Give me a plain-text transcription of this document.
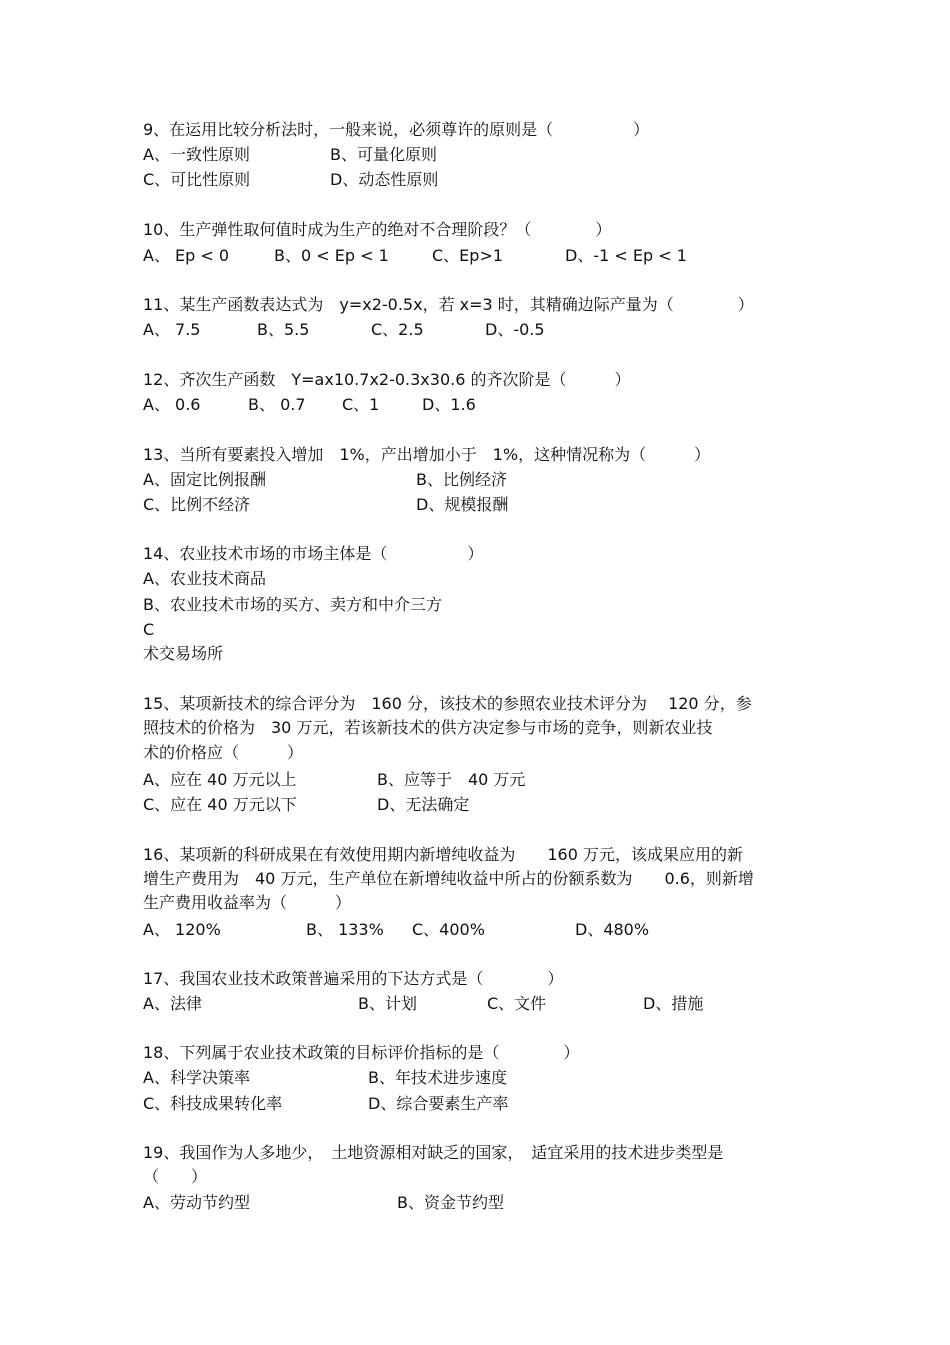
9、在运用比较分析法时，一般来说，必须尊许的原则是（　　　　　）
A、一致性原则	B、可量化原则
C、可比性原则	D、动态性原则
10、生产弹性取何值时成为生产的绝对不合理阶段？（　　　　）
A、 Ep < 0	B、0 < Ep < 1	C、Ep>1	D、-1 < Ep < 1
11、某生产函数表达式为　y=x2-0.5x，若 x=3 时，其精确边际产量为（　　　　）
A、 7.5	B、5.5	C、2.5	D、-0.5
12、齐次生产函数　Y=ax10.7x2-0.3x30.6 的齐次阶是（　　　）
A、 0.6	B、 0.7 C、1	D、1.6
13、当所有要素投入增加　1%，产出增加小于　1%，这种情况称为（　　　）
A、固定比例报酬	B、比例经济
C、比例不经济	D、规模报酬
14、农业技术市场的市场主体是（　　　　　）
A、农业技术商品
B、农业技术市场的买方、卖方和中介三方
C
术交易场所
15、某项新技术的综合评分为　160 分，该技术的参照农业技术评分为　 120 分，参
照技术的价格为　30 万元，若该新技术的供方决定参与市场的竞争，则新农业技
术的价格应（　　　）
A、应在 40 万元以上	B、应等于　40 万元
C、应在 40 万元以下	D、无法确定
16、某项新的科研成果在有效使用期内新增纯收益为　　160 万元，该成果应用的新
增生产费用为　40 万元，生产单位在新增纯收益中所占的份额系数为　　0.6，则新增
生产费用收益率为（　　　）
A、 120%	B、 133% C、400%	D、480%
17、我国农业技术政策普遍采用的下达方式是（　　　　）
A、法律	B、计划	C、文件	D、措施
18、下列属于农业技术政策的目标评价指标的是（　　　　）
A、科学决策率	B、年技术进步速度
C、科技成果转化率	D、综合要素生产率
19、我国作为人多地少，　土地资源相对缺乏的国家，　适宜采用的技术进步类型是
（　　）
A、劳动节约型	B、资金节约型
